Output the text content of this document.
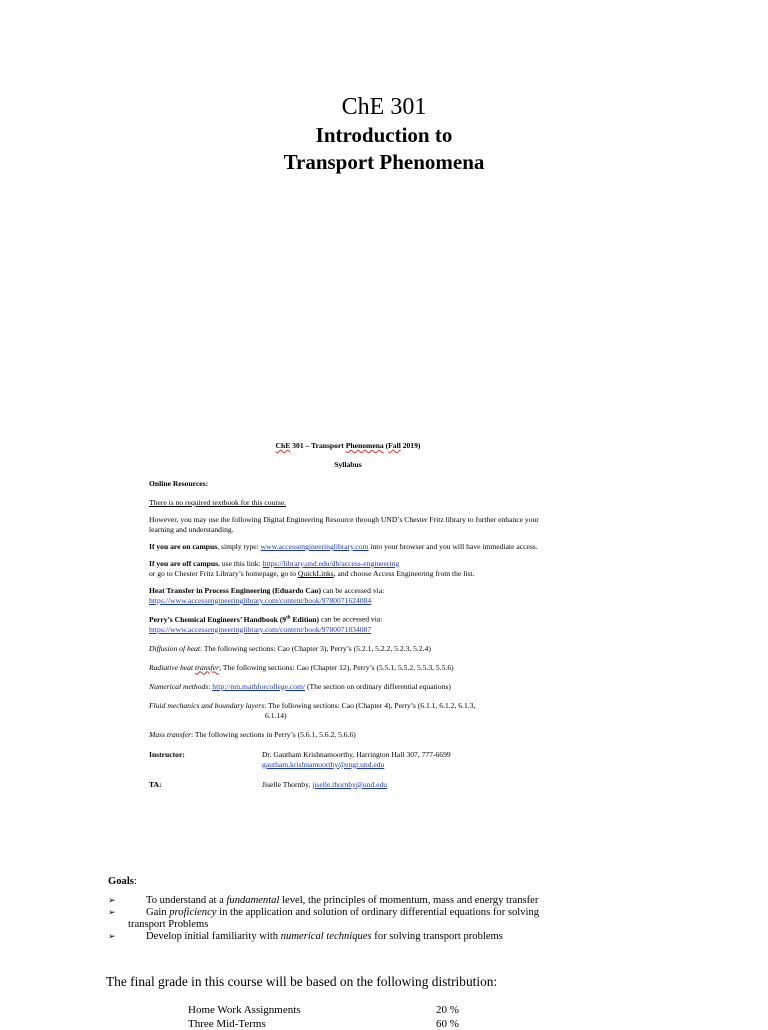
ChE 301
Introduction to
Transport Phenomena

ChE 301 – Transport Phenomena (Fall 2019)

Syllabus

Online Resources:

There is no required textbook for this course.

However, you may use the following Digital Engineering Resource through UND’s Chester Fritz library to further enhance your learning and understanding.

If you are on campus, simply type: www.accessengineeringlibrary.com into your browser and you will have immediate access.

If you are off campus, use this link: https://library.und.edu/db/access-engineering
or go to Chester Fritz Library’s homepage, go to QuickLinks, and choose Access Engineering from the list.

Heat Transfer in Process Engineering (Eduardo Cao) can be accessed via:
https://www.accessengineeringlibrary.com/content/book/9780071624084

Perry’s Chemical Engineers’ Handbook (9th Edition) can be accessed via:
https://www.accessengineeringlibrary.com/content/book/9780071834087

Diffusion of heat: The following sections: Cao (Chapter 3), Perry’s (5.2.1, 5.2.2, 5.2.3, 5.2.4)

Radiative heat transfer; The following sections: Cao (Chapter 12), Perry’s (5.5.1, 5.5.2, 5.5.3, 5.5.6)

Numerical methods: http://nm.mathforcollege.com/ (The section on ordinary differential equations)

Fluid mechanics and boundary layers: The following sections: Cao (Chapter 4), Perry’s (6.1.1, 6.1.2, 6.1.3,
6.1.14)

Mass transfer: The following sections in Perry’s (5.6.1, 5.6.2, 5.6.6)

Instructor:	Dr. Gautham Krishnamoorthy, Harrington Hall 307, 777-6699
gautham.krishnamoorthy@engr.und.edu
TA:	Jiselle Thornby, jiselle.thornby@und.edu
Goals:
➢	To understand at a fundamental level, the principles of momentum, mass and energy transfer
➢	Gain proficiency in the application and solution of ordinary differential equations for solving
transport Problems
➢	Develop initial familiarity with numerical techniques for solving transport problems
The final grade in this course will be based on the following distribution:
Home Work Assignments	20 %
Three Mid-Terms	60 %
